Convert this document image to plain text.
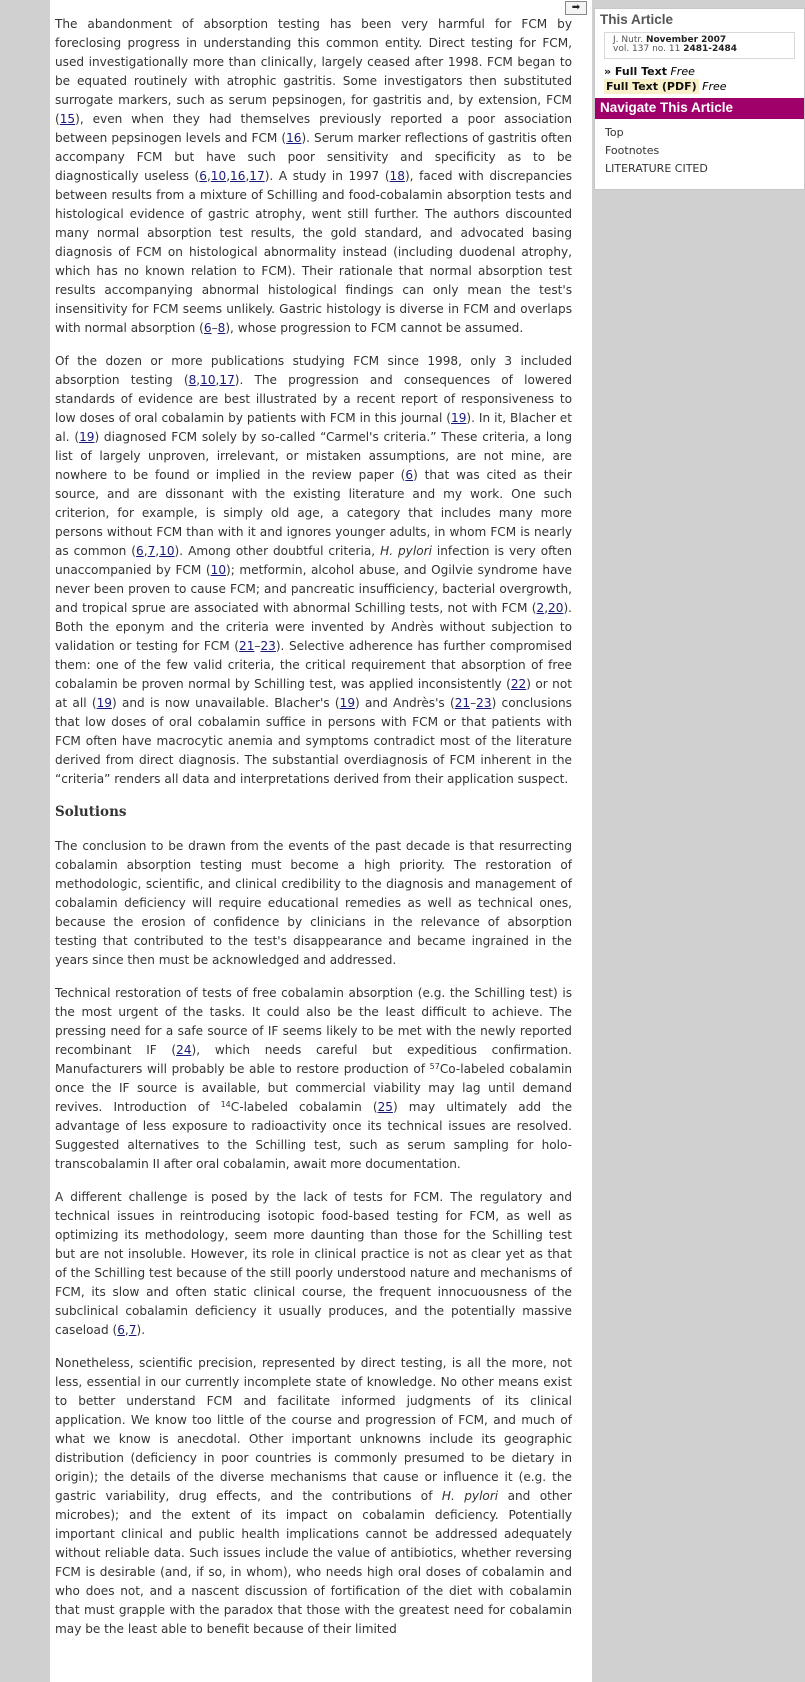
➡
This Article
J. Nutr. November 2007
vol. 137 no. 11 2481-2484
» Full Text Free
Full Text (PDF) Free
Navigate This Article
Top
Footnotes
LITERATURE CITED

The abandonment of absorption testing has been very harmful for FCM by foreclosing progress in understanding this common entity. Direct testing for FCM, used investigationally more than clinically, largely ceased after 1998. FCM began to be equated routinely with atrophic gastritis. Some investigators then substituted surrogate markers, such as serum pepsinogen, for gastritis and, by extension, FCM (15), even when they had themselves previously reported a poor association between pepsinogen levels and FCM (16). Serum marker reflections of gastritis often accompany FCM but have such poor sensitivity and specificity as to be diagnostically useless (6,10,16,17). A study in 1997 (18), faced with discrepancies between results from a mixture of Schilling and food-cobalamin absorption tests and histological evidence of gastric atrophy, went still further. The authors discounted many normal absorption test results, the gold standard, and advocated basing diagnosis of FCM on histological abnormality instead (including duodenal atrophy, which has no known relation to FCM). Their rationale that normal absorption test results accompanying abnormal histological findings can only mean the test's insensitivity for FCM seems unlikely. Gastric histology is diverse in FCM and overlaps with normal absorption (6–8), whose progression to FCM cannot be assumed.

Of the dozen or more publications studying FCM since 1998, only 3 included absorption testing (8,10,17). The progression and consequences of lowered standards of evidence are best illustrated by a recent report of responsiveness to low doses of oral cobalamin by patients with FCM in this journal (19). In it, Blacher et al. (19) diagnosed FCM solely by so-called “Carmel's criteria.” These criteria, a long list of largely unproven, irrelevant, or mistaken assumptions, are not mine, are nowhere to be found or implied in the review paper (6) that was cited as their source, and are dissonant with the existing literature and my work. One such criterion, for example, is simply old age, a category that includes many more persons without FCM than with it and ignores younger adults, in whom FCM is nearly as common (6,7,10). Among other doubtful criteria, H. pylori infection is very often unaccompanied by FCM (10); metformin, alcohol abuse, and Ogilvie syndrome have never been proven to cause FCM; and pancreatic insufficiency, bacterial overgrowth, and tropical sprue are associated with abnormal Schilling tests, not with FCM (2,20). Both the eponym and the criteria were invented by Andrès without subjection to validation or testing for FCM (21–23). Selective adherence has further compromised them: one of the few valid criteria, the critical requirement that absorption of free cobalamin be proven normal by Schilling test, was applied inconsistently (22) or not at all (19) and is now unavailable. Blacher's (19) and Andrès's (21–23) conclusions that low doses of oral cobalamin suffice in persons with FCM or that patients with FCM often have macrocytic anemia and symptoms contradict most of the literature derived from direct diagnosis. The substantial overdiagnosis of FCM inherent in the “criteria” renders all data and interpretations derived from their application suspect.

Solutions

The conclusion to be drawn from the events of the past decade is that resurrecting cobalamin absorption testing must become a high priority. The restoration of methodologic, scientific, and clinical credibility to the diagnosis and management of cobalamin deficiency will require educational remedies as well as technical ones, because the erosion of confidence by clinicians in the relevance of absorption testing that contributed to the test's disappearance and became ingrained in the years since then must be acknowledged and addressed.

Technical restoration of tests of free cobalamin absorption (e.g. the Schilling test) is the most urgent of the tasks. It could also be the least difficult to achieve. The pressing need for a safe source of IF seems likely to be met with the newly reported recombinant IF (24), which needs careful but expeditious confirmation. Manufacturers will probably be able to restore production of $^{57}$Co-labeled cobalamin once the IF source is available, but commercial viability may lag until demand revives. Introduction of $^{14}$C-labeled cobalamin (25) may ultimately add the advantage of less exposure to radioactivity once its technical issues are resolved. Suggested alternatives to the Schilling test, such as serum sampling for holo-transcobalamin II after oral cobalamin, await more documentation.

A different challenge is posed by the lack of tests for FCM. The regulatory and technical issues in reintroducing isotopic food-based testing for FCM, as well as optimizing its methodology, seem more daunting than those for the Schilling test but are not insoluble. However, its role in clinical practice is not as clear yet as that of the Schilling test because of the still poorly understood nature and mechanisms of FCM, its slow and often static clinical course, the frequent innocuousness of the subclinical cobalamin deficiency it usually produces, and the potentially massive caseload (6,7).

Nonetheless, scientific precision, represented by direct testing, is all the more, not less, essential in our currently incomplete state of knowledge. No other means exist to better understand FCM and facilitate informed judgments of its clinical application. We know too little of the course and progression of FCM, and much of what we know is anecdotal. Other important unknowns include its geographic distribution (deficiency in poor countries is commonly presumed to be dietary in origin); the details of the diverse mechanisms that cause or influence it (e.g. the gastric variability, drug effects, and the contributions of H. pylori and other microbes); and the extent of its impact on cobalamin deficiency. Potentially important clinical and public health implications cannot be addressed adequately without reliable data. Such issues include the value of antibiotics, whether reversing FCM is desirable (and, if so, in whom), who needs high oral doses of cobalamin and who does not, and a nascent discussion of fortification of the diet with cobalamin that must grapple with the paradox that those with the greatest need for cobalamin may be the least able to benefit because of their limited
